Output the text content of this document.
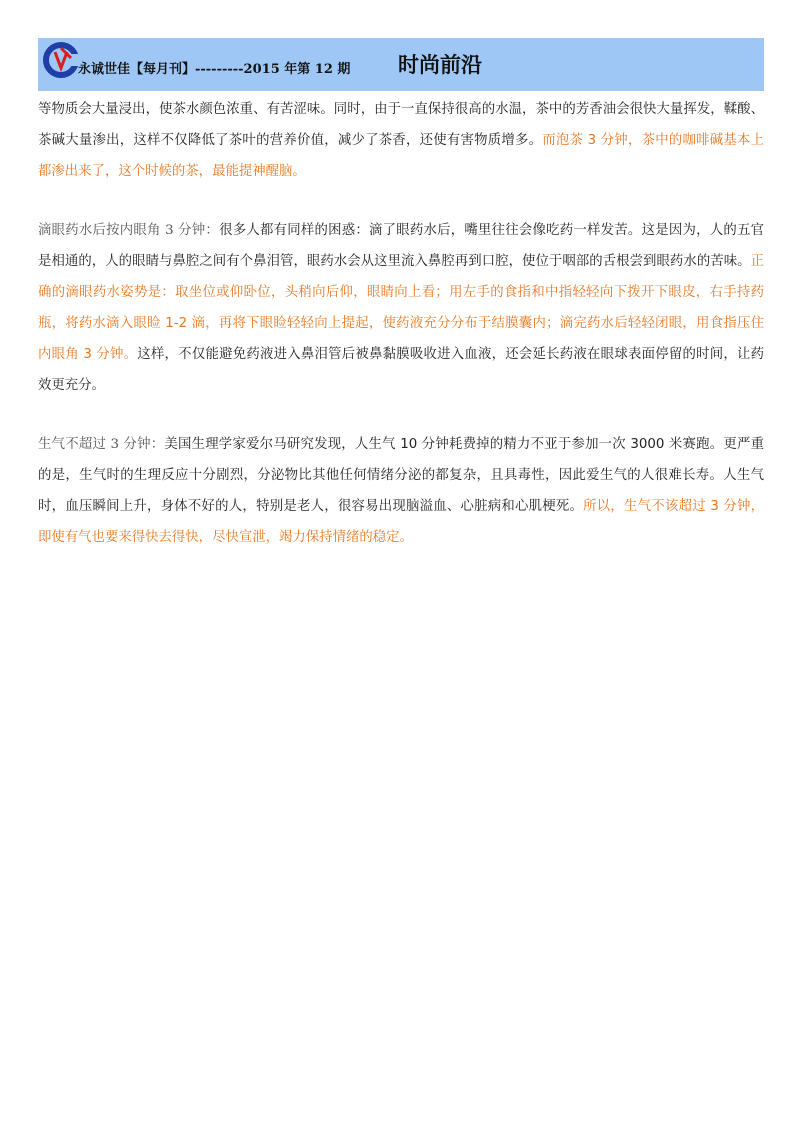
永诚世佳【每月刊】---------2015 年第 12 期 时尚前沿

等物质会大量浸出，使茶水颜色浓重、有苦涩味。同时，由于一直保持很高的水温，茶中的芳香油会很快大量挥发，鞣酸、茶碱大量渗出，这样不仅降低了茶叶的营养价值，减少了茶香，还使有害物质增多。而泡茶 3 分钟，茶中的咖啡碱基本上都渗出来了，这个时候的茶，最能提神醒脑。

滴眼药水后按内眼角 3 分钟：很多人都有同样的困惑：滴了眼药水后，嘴里往往会像吃药一样发苦。这是因为，人的五官是相通的，人的眼睛与鼻腔之间有个鼻泪管，眼药水会从这里流入鼻腔再到口腔，使位于咽部的舌根尝到眼药水的苦味。正确的滴眼药水姿势是：取坐位或仰卧位，头稍向后仰，眼睛向上看；用左手的食指和中指轻轻向下拨开下眼皮，右手持药瓶，将药水滴入眼睑 1-2 滴，再将下眼睑轻轻向上提起，使药液充分分布于结膜囊内；滴完药水后轻轻闭眼，用食指压住内眼角 3 分钟。这样，不仅能避免药液进入鼻泪管后被鼻黏膜吸收进入血液，还会延长药液在眼球表面停留的时间，让药效更充分。

生气不超过 3 分钟：美国生理学家爱尔马研究发现，人生气 10 分钟耗费掉的精力不亚于参加一次 3000 米赛跑。更严重的是，生气时的生理反应十分剧烈，分泌物比其他任何情绪分泌的都复杂，且具毒性，因此爱生气的人很难长寿。人生气时，血压瞬间上升，身体不好的人，特别是老人，很容易出现脑溢血、心脏病和心肌梗死。所以，生气不该超过 3 分钟，即使有气也要来得快去得快，尽快宣泄，竭力保持情绪的稳定。
